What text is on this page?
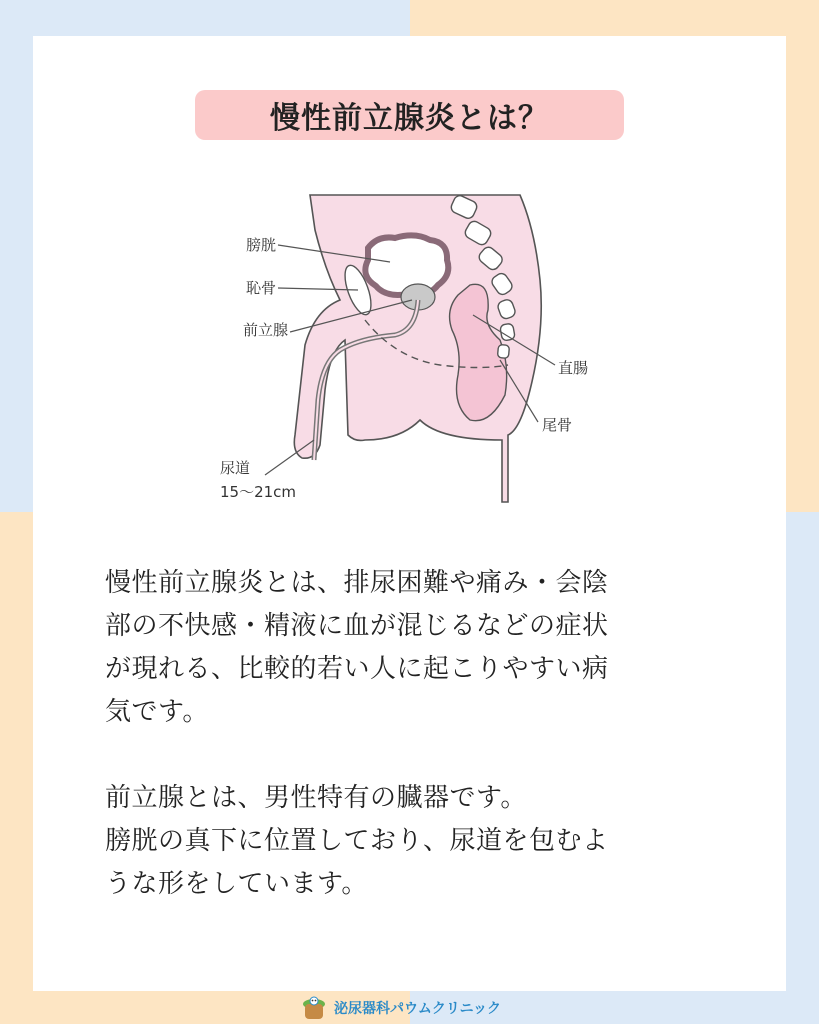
慢性前立腺炎とは？
膀胱
恥骨
前立腺
直腸
尾骨
尿道
15〜21cm

慢性前立腺炎とは、排尿困難や痛み・会陰
部の不快感・精液に血が混じるなどの症状
が現れる、比較的若い人に起こりやすい病
気です。

前立腺とは、男性特有の臓器です。
膀胱の真下に位置しており、尿道を包むよ
うな形をしています。

泌尿器科パウムクリニック
